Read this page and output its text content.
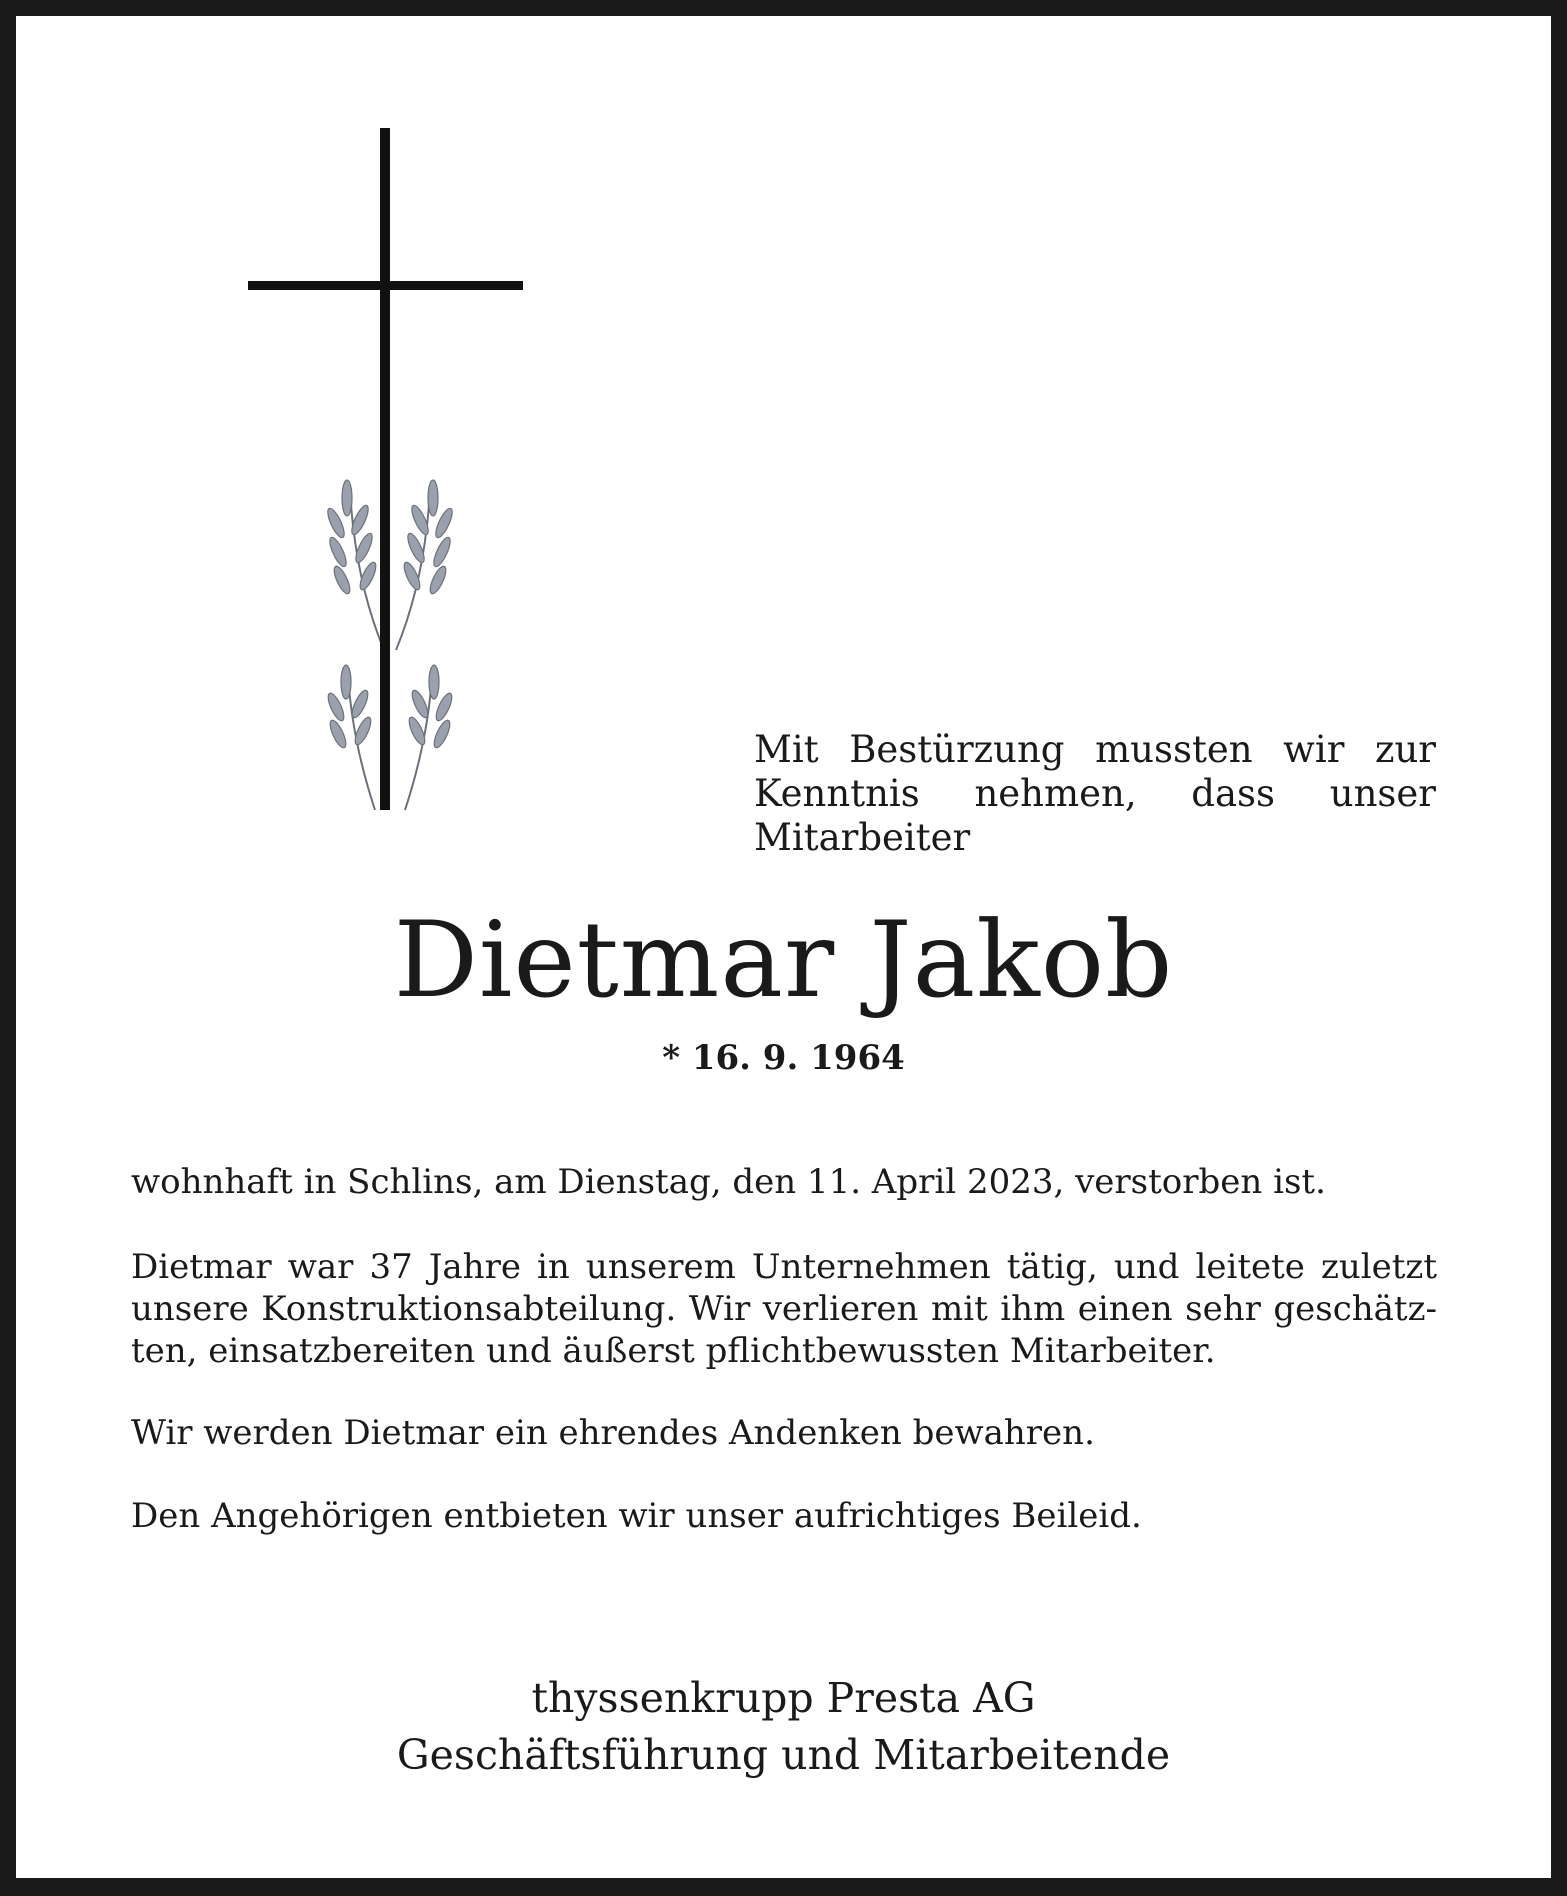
Mit Bestürzung mussten wir zur
Kenntnis nehmen, dass unser Mitarbeiter
Dietmar Jakob
* 16. 9. 1964
wohnhaft in Schlins, am Dienstag, den 11. April 2023, verstorben ist.
Dietmar war 37 Jahre in unserem Unternehmen tätig, und leitete zuletzt
unsere Konstruktionsabteilung. Wir verlieren mit ihm einen sehr geschätz-
ten, einsatzbereiten und äußerst pflichtbewussten Mitarbeiter.
Wir werden Dietmar ein ehrendes Andenken bewahren.
Den Angehörigen entbieten wir unser aufrichtiges Beileid.
thyssenkrupp Presta AG
Geschäftsführung und Mitarbeitende
